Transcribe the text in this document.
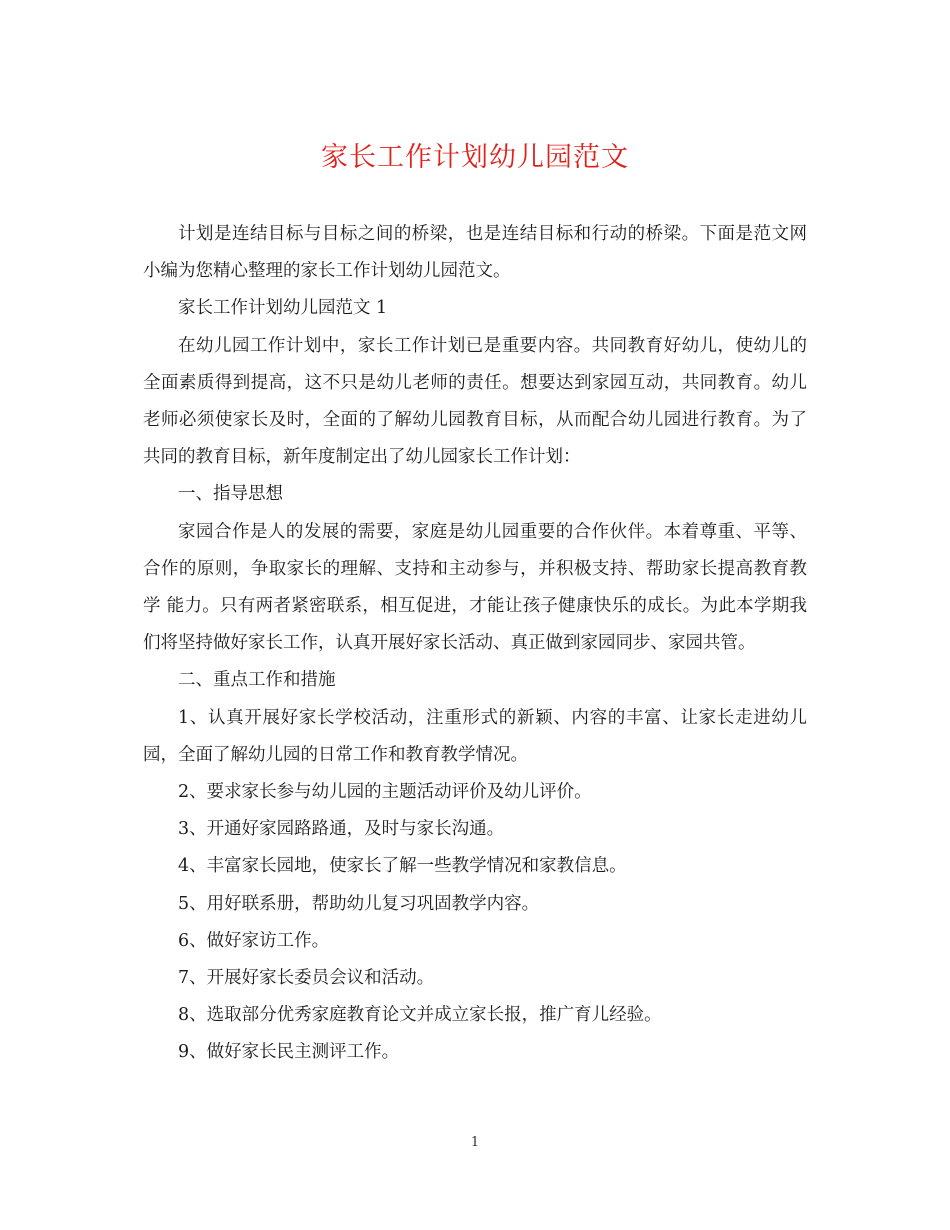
家长工作计划幼儿园范文

计划是连结目标与目标之间的桥梁，也是连结目标和行动的桥梁。下面是范文网小编为您精心整理的家长工作计划幼儿园范文。

家长工作计划幼儿园范文 1

在幼儿园工作计划中，家长工作计划已是重要内容。共同教育好幼儿，使幼儿的全面素质得到提高，这不只是幼儿老师的责任。想要达到家园互动，共同教育。幼儿老师必须使家长及时，全面的了解幼儿园教育目标，从而配合幼儿园进行教育。为了共同的教育目标，新年度制定出了幼儿园家长工作计划：

一、指导思想

家园合作是人的发展的需要，家庭是幼儿园重要的合作伙伴。本着尊重、平等、合作的原则，争取家长的理解、支持和主动参与，并积极支持、帮助家长提高教育教学 能力。只有两者紧密联系，相互促进，才能让孩子健康快乐的成长。为此本学期我们将坚持做好家长工作，认真开展好家长活动、真正做到家园同步、家园共管。

二、重点工作和措施

1、认真开展好家长学校活动，注重形式的新颖、内容的丰富、让家长走进幼儿园，全面了解幼儿园的日常工作和教育教学情况。

2、要求家长参与幼儿园的主题活动评价及幼儿评价。

3、开通好家园路路通，及时与家长沟通。

4、丰富家长园地，使家长了解一些教学情况和家教信息。

5、用好联系册，帮助幼儿复习巩固教学内容。

6、做好家访工作。

7、开展好家长委员会议和活动。

8、选取部分优秀家庭教育论文并成立家长报，推广育儿经验。

9、做好家长民主测评工作。

1
